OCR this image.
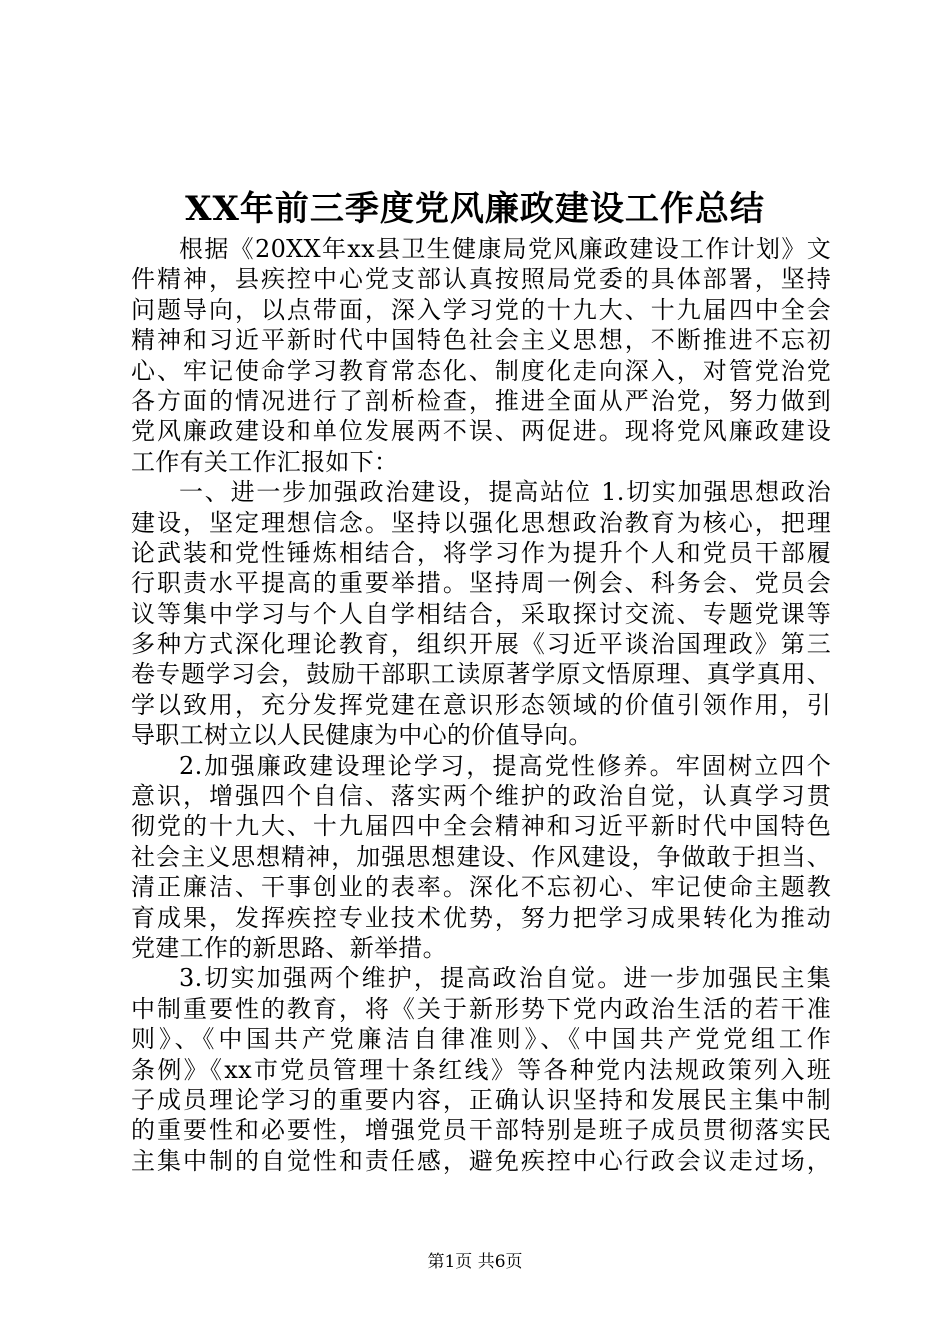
XX年前三季度党风廉政建设工作总结
根据《20XX年xx县卫生健康局党风廉政建设工作计划》文
件精神，县疾控中心党支部认真按照局党委的具体部署，坚持
问题导向，以点带面，深入学习党的十九大、十九届四中全会
精神和习近平新时代中国特色社会主义思想，不断推进不忘初
心、牢记使命学习教育常态化、制度化走向深入，对管党治党
各方面的情况进行了剖析检查，推进全面从严治党，努力做到
党风廉政建设和单位发展两不误、两促进。现将党风廉政建设
工作有关工作汇报如下：
一、进一步加强政治建设，提高站位 1.切实加强思想政治
建设，坚定理想信念。坚持以强化思想政治教育为核心，把理
论武装和党性锤炼相结合，将学习作为提升个人和党员干部履
行职责水平提高的重要举措。坚持周一例会、科务会、党员会
议等集中学习与个人自学相结合，采取探讨交流、专题党课等
多种方式深化理论教育，组织开展《习近平谈治国理政》第三
卷专题学习会，鼓励干部职工读原著学原文悟原理、真学真用、
学以致用，充分发挥党建在意识形态领域的价值引领作用，引
导职工树立以人民健康为中心的价值导向。
2.加强廉政建设理论学习，提高党性修养。牢固树立四个
意识，增强四个自信、落实两个维护的政治自觉，认真学习贯
彻党的十九大、十九届四中全会精神和习近平新时代中国特色
社会主义思想精神，加强思想建设、作风建设，争做敢于担当、
清正廉洁、干事创业的表率。深化不忘初心、牢记使命主题教
育成果，发挥疾控专业技术优势，努力把学习成果转化为推动
党建工作的新思路、新举措。
3.切实加强两个维护，提高政治自觉。进一步加强民主集
中制重要性的教育，将《关于新形势下党内政治生活的若干准
则》、《中国共产党廉洁自律准则》、《中国共产党党组工作
条例》《xx市党员管理十条红线》等各种党内法规政策列入班
子成员理论学习的重要内容，正确认识坚持和发展民主集中制
的重要性和必要性，增强党员干部特别是班子成员贯彻落实民
主集中制的自觉性和责任感，避免疾控中心行政会议走过场，
第1页 共6页
